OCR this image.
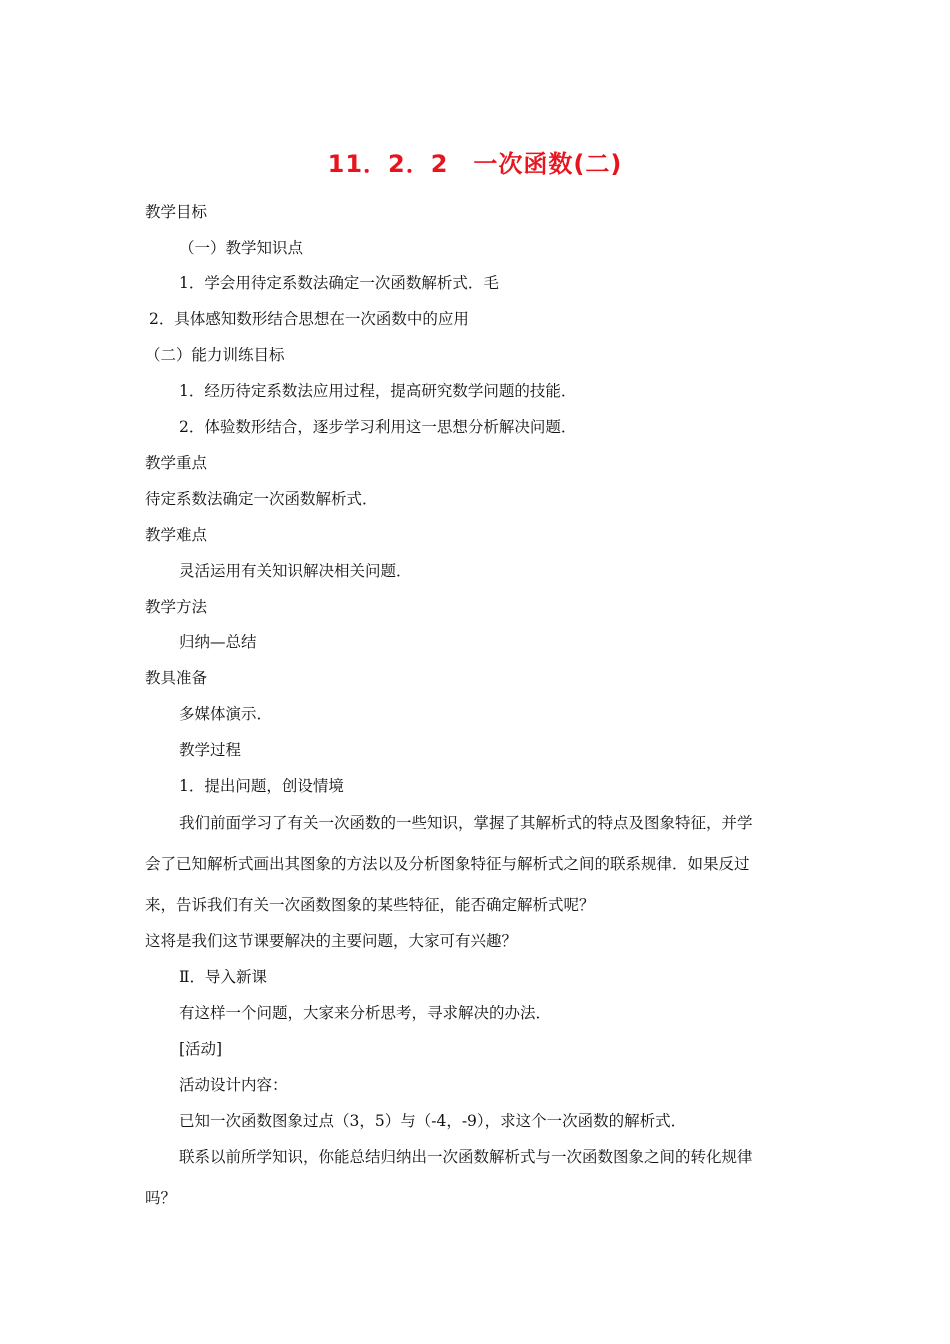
11．2．2　一次函数(二)
教学目标
（一）教学知识点
1．学会用待定系数法确定一次函数解析式．毛
2．具体感知数形结合思想在一次函数中的应用
（二）能力训练目标
1．经历待定系数法应用过程，提高研究数学问题的技能．
2．体验数形结合，逐步学习利用这一思想分析解决问题．
教学重点
待定系数法确定一次函数解析式．
教学难点
灵活运用有关知识解决相关问题．
教学方法
归纳—总结
教具准备
多媒体演示．
教学过程
1．提出问题，创设情境
我们前面学习了有关一次函数的一些知识，掌握了其解析式的特点及图象特征，并学
会了已知解析式画出其图象的方法以及分析图象特征与解析式之间的联系规律．如果反过
来，告诉我们有关一次函数图象的某些特征，能否确定解析式呢？
这将是我们这节课要解决的主要问题，大家可有兴趣？
Ⅱ．导入新课
有这样一个问题，大家来分析思考，寻求解决的办法．
[活动]
活动设计内容：
已知一次函数图象过点（3，5）与（-4，-9），求这个一次函数的解析式．
联系以前所学知识，你能总结归纳出一次函数解析式与一次函数图象之间的转化规律
吗？
